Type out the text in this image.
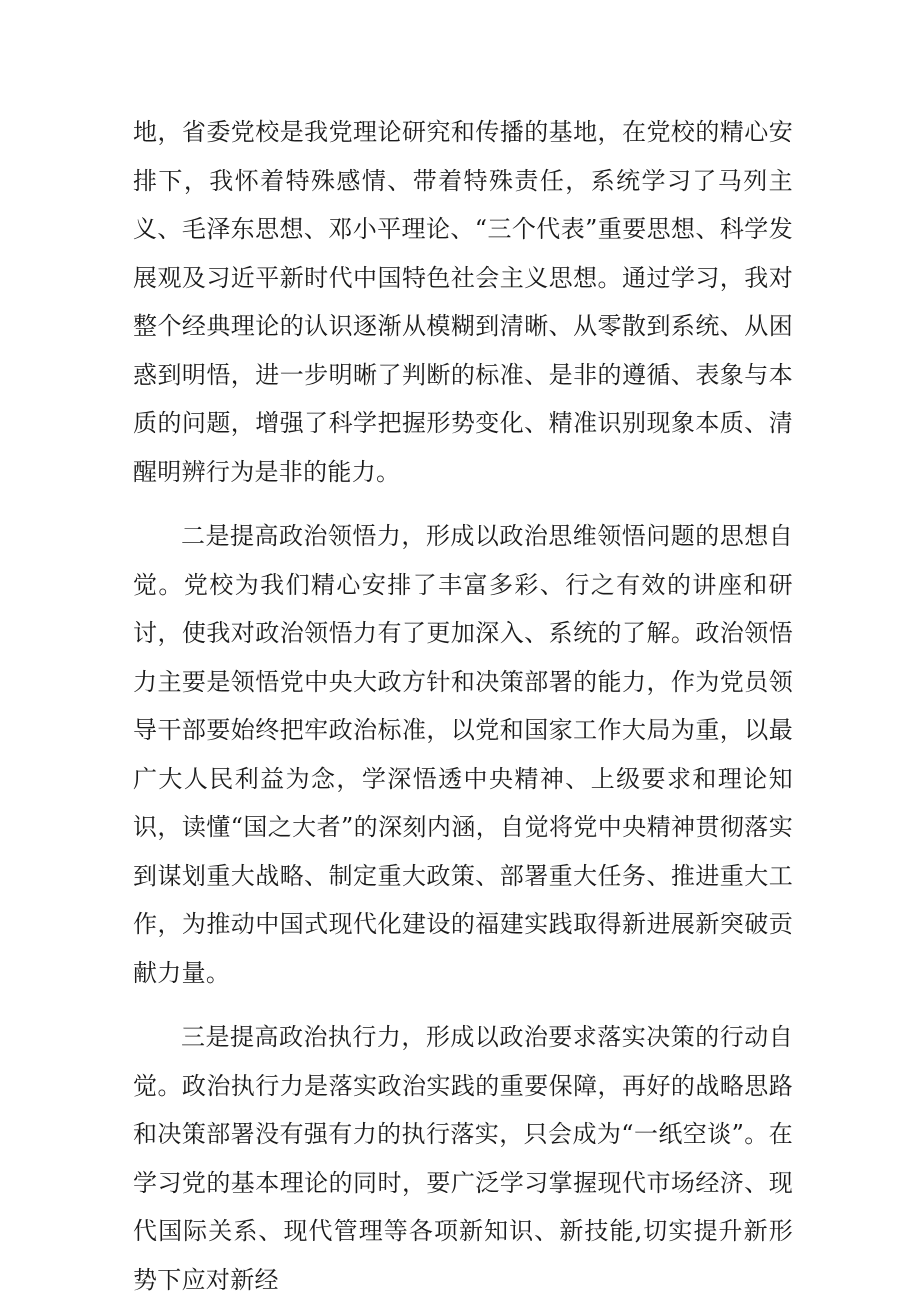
地，省委党校是我党理论研究和传播的基地，在党校的精心安排下，我怀着特殊感情、带着特殊责任，系统学习了马列主义、毛泽东思想、邓小平理论、“三个代表”重要思想、科学发展观及习近平新时代中国特色社会主义思想。通过学习，我对整个经典理论的认识逐渐从模糊到清晰、从零散到系统、从困惑到明悟，进一步明晰了判断的标准、是非的遵循、表象与本质的问题，增强了科学把握形势变化、精准识别现象本质、清醒明辨行为是非的能力。

二是提高政治领悟力，形成以政治思维领悟问题的思想自觉。党校为我们精心安排了丰富多彩、行之有效的讲座和研讨，使我对政治领悟力有了更加深入、系统的了解。政治领悟力主要是领悟党中央大政方针和决策部署的能力，作为党员领导干部要始终把牢政治标准，以党和国家工作大局为重，以最广大人民利益为念，学深悟透中央精神、上级要求和理论知识，读懂“国之大者”的深刻内涵，自觉将党中央精神贯彻落实到谋划重大战略、制定重大政策、部署重大任务、推进重大工作，为推动中国式现代化建设的福建实践取得新进展新突破贡献力量。

三是提高政治执行力，形成以政治要求落实决策的行动自觉。政治执行力是落实政治实践的重要保障，再好的战略思路和决策部署没有强有力的执行落实，只会成为“一纸空谈”。在学习党的基本理论的同时，要广泛学习掌握现代市场经济、现代国际关系、现代管理等各项新知识、新技能,切实提升新形势下应对新经
